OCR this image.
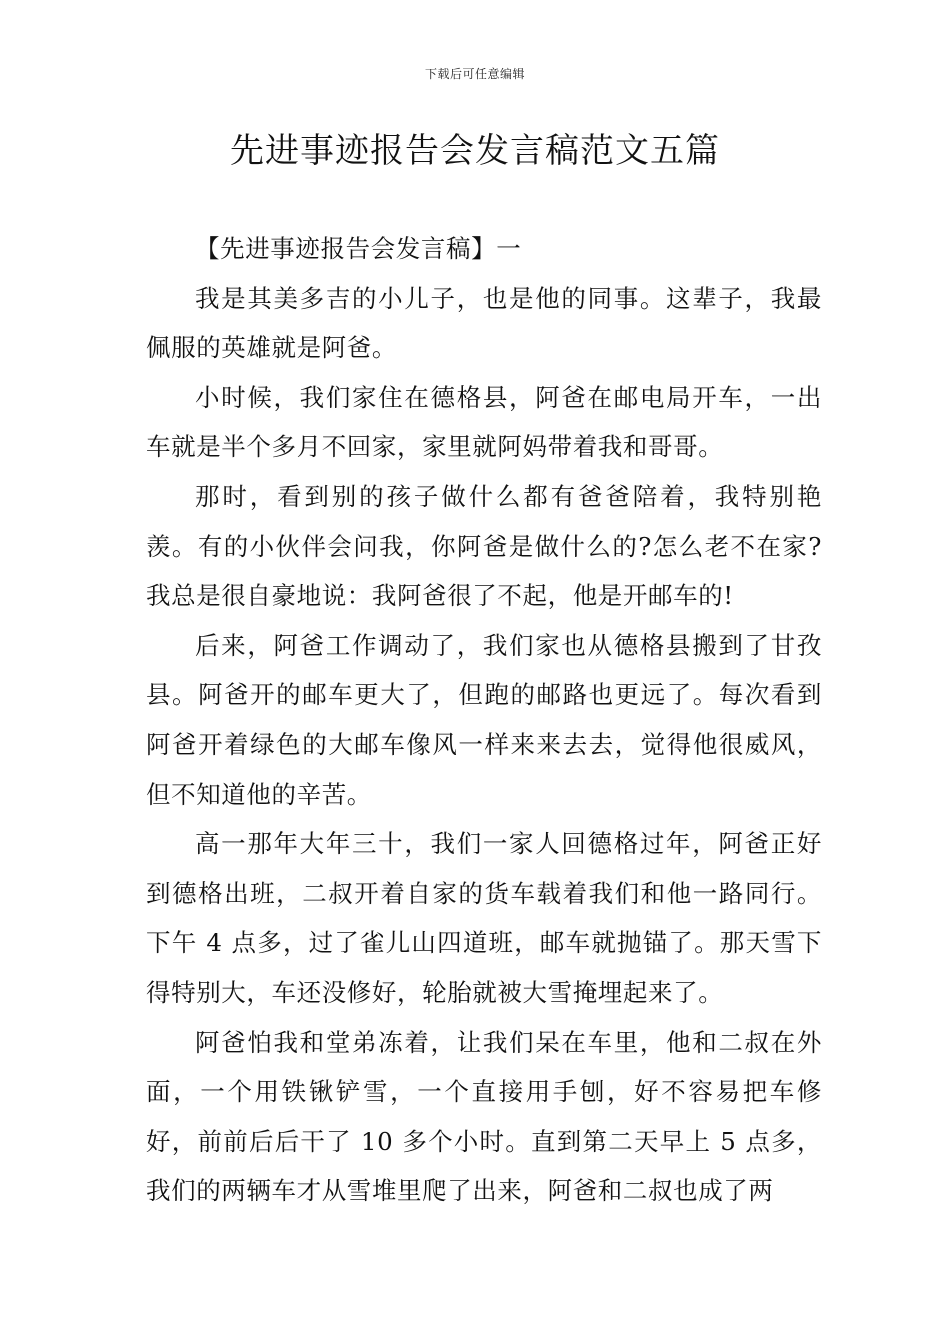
下载后可任意编辑
先进事迹报告会发言稿范文五篇

【先进事迹报告会发言稿】一

我是其美多吉的小儿子，也是他的同事。这辈子，我最佩服的英雄就是阿爸。

小时候，我们家住在德格县，阿爸在邮电局开车，一出车就是半个多月不回家，家里就阿妈带着我和哥哥。

那时，看到别的孩子做什么都有爸爸陪着，我特别艳羡。有的小伙伴会问我，你阿爸是做什么的?怎么老不在家?我总是很自豪地说：我阿爸很了不起，他是开邮车的!

后来，阿爸工作调动了，我们家也从德格县搬到了甘孜县。阿爸开的邮车更大了，但跑的邮路也更远了。每次看到阿爸开着绿色的大邮车像风一样来来去去，觉得他很威风，但不知道他的辛苦。

高一那年大年三十，我们一家人回德格过年，阿爸正好到德格出班，二叔开着自家的货车载着我们和他一路同行。下午 4 点多，过了雀儿山四道班，邮车就抛锚了。那天雪下得特别大，车还没修好，轮胎就被大雪掩埋起来了。

阿爸怕我和堂弟冻着，让我们呆在车里，他和二叔在外面，一个用铁锹铲雪，一个直接用手刨，好不容易把车修好，前前后后干了 10 多个小时。直到第二天早上 5 点多，我们的两辆车才从雪堆里爬了出来，阿爸和二叔也成了两
